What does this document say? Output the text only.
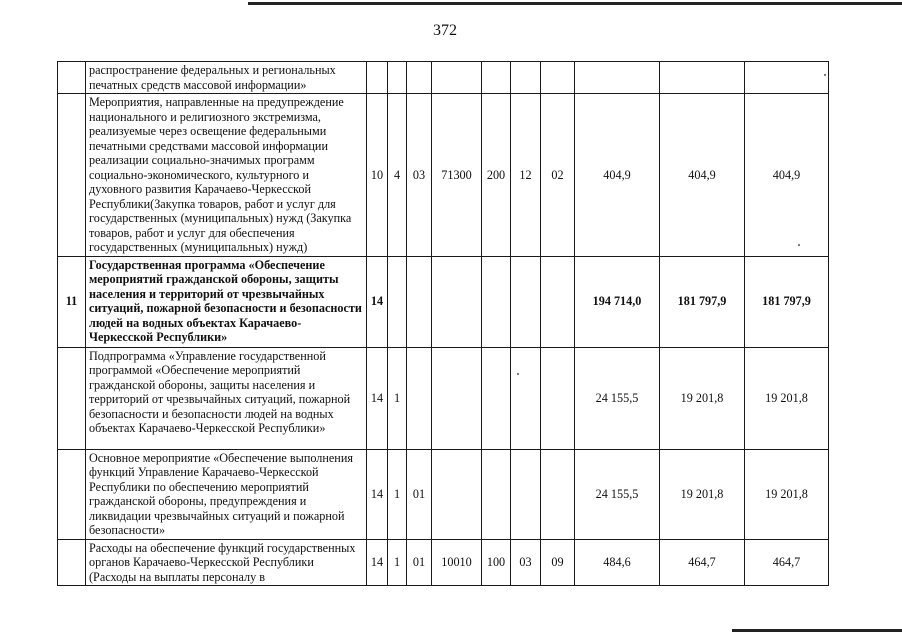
372
	распространение федеральных и региональных печатных средств массовой информации»										
	Мероприятия, направленные на предупреждение национального и религиозного экстремизма, реализуемые через освещение федеральными печатными средствами массовой информации реализации социально-значимых программ социально-экономического, культурного и духовного развития Карачаево-Черкесской Республики(Закупка товаров, работ и услуг для государственных (муниципальных) нужд (Закупка товаров, работ и услуг для обеспечения государственных (муниципальных) нужд)	10	4	03	71300	200	12	02	404,9	404,9	404,9
11	Государственная программа «Обеспечение мероприятий гражданской обороны, защиты населения и территорий от чрезвычайных ситуаций, пожарной безопасности и безопасности людей на водных объектах Карачаево-Черкесской Республики»	14							194 714,0	181 797,9	181 797,9
	Подпрограмма «Управление государственной программой «Обеспечение мероприятий гражданской обороны, защиты населения и территорий от чрезвычайных ситуаций, пожарной безопасности и безопасности людей на водных объектах Карачаево-Черкесской Республики»	14	1						24 155,5	19 201,8	19 201,8
	Основное мероприятие «Обеспечение выполнения функций Управление Карачаево-Черкесской Республики по обеспечению мероприятий гражданской обороны, предупреждения и ликвидации чрезвычайных ситуаций и пожарной безопасности»	14	1	01					24 155,5	19 201,8	19 201,8
	Расходы на обеспечение функций государственных органов Карачаево-Черкесской Республики (Расходы на выплаты персоналу в	14	1	01	10010	100	03	09	484,6	464,7	464,7
